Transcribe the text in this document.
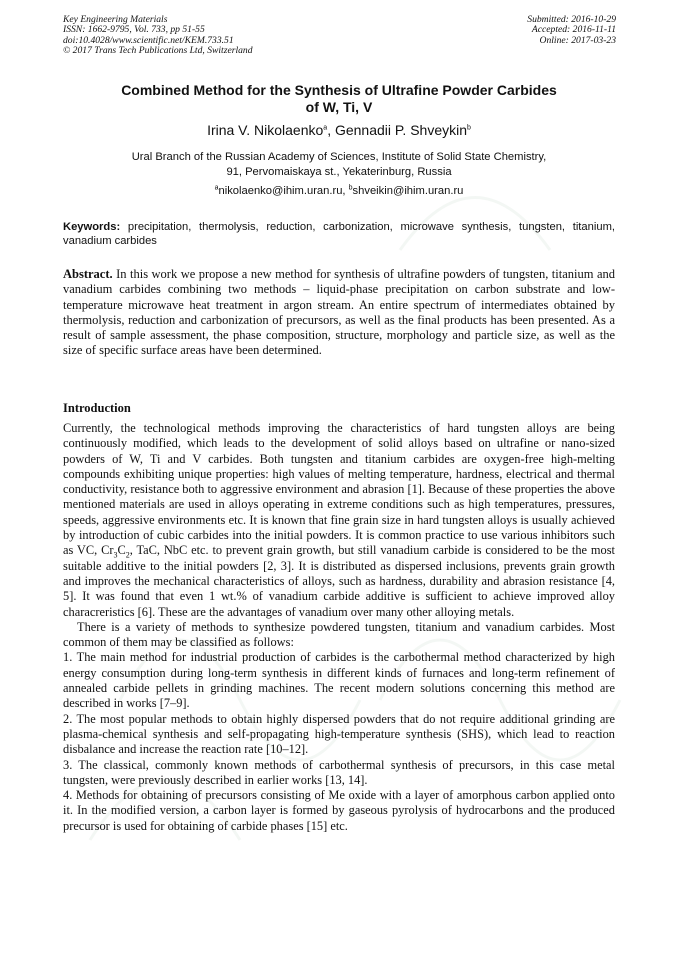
Key Engineering Materials
ISSN: 1662-9795, Vol. 733, pp 51-55
doi:10.4028/www.scientific.net/KEM.733.51
© 2017 Trans Tech Publications Ltd, Switzerland
Submitted: 2016-10-29
Accepted: 2016-11-11
Online: 2017-03-23
Combined Method for the Synthesis of Ultrafine Powder Carbides
of W, Ti, V
Irina V. Nikolaenko$^a$, Gennadii P. Shveykin$^b$
Ural Branch of the Russian Academy of Sciences, Institute of Solid State Chemistry,
91, Pervomaiskaya st., Yekaterinburg, Russia
$^a$nikolaenko@ihim.uran.ru, $^b$shveikin@ihim.uran.ru
Keywords: precipitation, thermolysis, reduction, carbonization, microwave synthesis, tungsten, titanium, vanadium carbides
Abstract. In this work we propose a new method for synthesis of ultrafine powders of tungsten, titanium and vanadium carbides combining two methods – liquid-phase precipitation on carbon substrate and low-temperature microwave heat treatment in argon stream. An entire spectrum of intermediates obtained by thermolysis, reduction and carbonization of precursors, as well as the final products has been presented. As a result of sample assessment, the phase composition, structure, morphology and particle size, as well as the size of specific surface areas have been determined.
Introduction

Currently, the technological methods improving the characteristics of hard tungsten alloys are being continuously modified, which leads to the development of solid alloys based on ultrafine or nano-sized powders of W, Ti and V carbides. Both tungsten and titanium carbides are oxygen-free high-melting compounds exhibiting unique properties: high values of melting temperature, hardness, electrical and thermal conductivity, resistance both to aggressive environment and abrasion [1]. Because of these properties the above mentioned materials are used in alloys operating in extreme conditions such as high temperatures, pressures, speeds, aggressive environments etc. It is known that fine grain size in hard tungsten alloys is usually achieved by introduction of cubic carbides into the initial powders. It is common practice to use various inhibitors such as VC, $Cr_3C_2$, TaC, NbC etc. to prevent grain growth, but still vanadium carbide is considered to be the most suitable additive to the initial powders [2, 3]. It is distributed as dispersed inclusions, prevents grain growth and improves the mechanical characteristics of alloys, such as hardness, durability and abrasion resistance [4, 5]. It was found that even 1 wt.% of vanadium carbide additive is sufficient to achieve improved alloy characreristics [6]. These are the advantages of vanadium over many other alloying metals.

There is a variety of methods to synthesize powdered tungsten, titanium and vanadium carbides. Most common of them may be classified as follows:

1. The main method for industrial production of carbides is the carbothermal method characterized by high energy consumption during long-term synthesis in different kinds of furnaces and long-term refinement of annealed carbide pellets in grinding machines. The recent modern solutions concerning this method are described in works [7–9].

2. The most popular methods to obtain highly dispersed powders that do not require additional grinding are plasma-chemical synthesis and self-propagating high-temperature synthesis (SHS), which lead to reaction disbalance and increase the reaction rate [10–12].

3. The classical, commonly known methods of carbothermal synthesis of precursors, in this case metal tungsten, were previously described in earlier works [13, 14].

4. Methods for obtaining of precursors consisting of Me oxide with a layer of amorphous carbon applied onto it. In the modified version, a carbon layer is formed by gaseous pyrolysis of hydrocarbons and the produced precursor is used for obtaining of carbide phases [15] etc.
